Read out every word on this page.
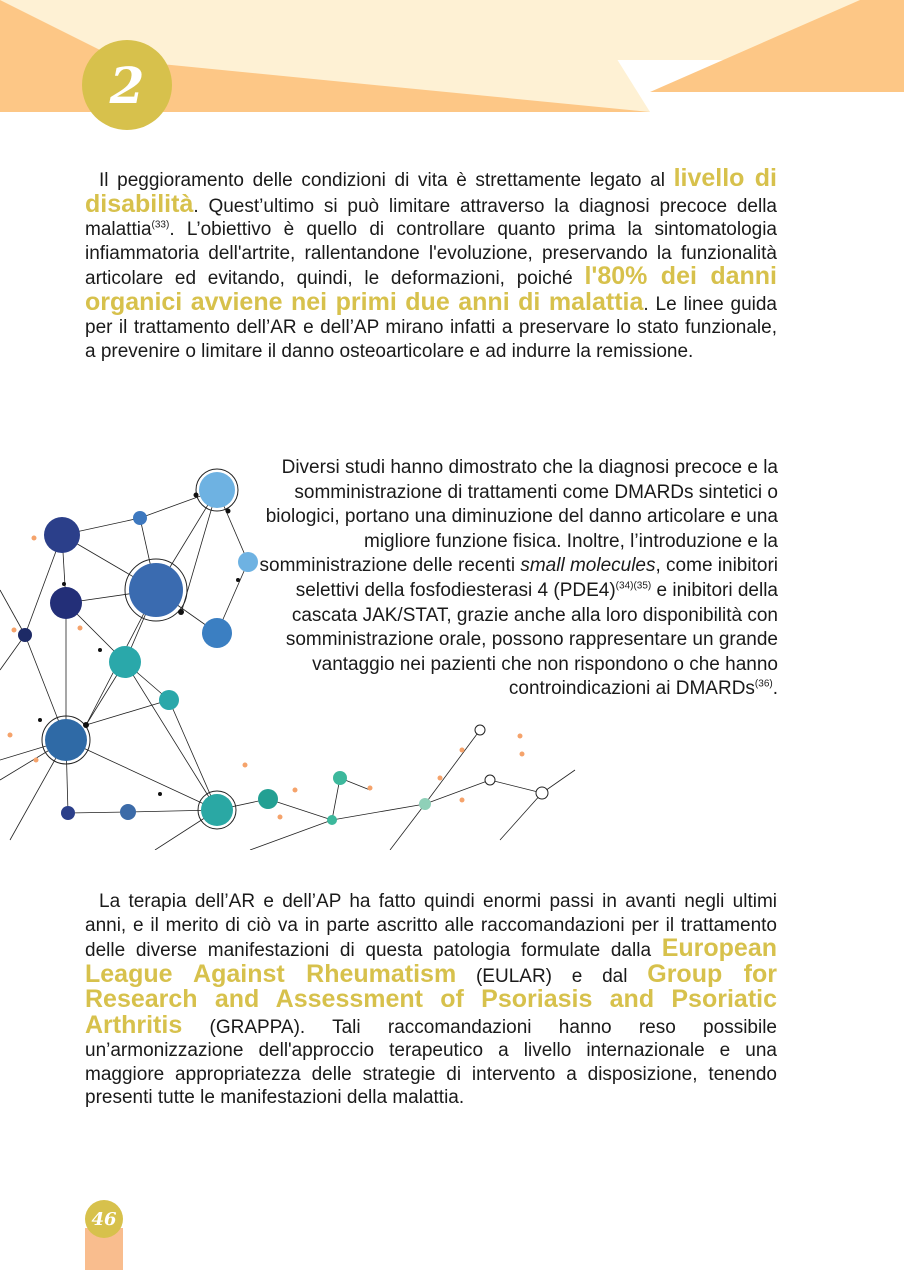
2

Il peggioramento delle condizioni di vita è strettamente legato al livello di disabilità. Quest’ultimo si può limitare attraverso la diagnosi precoce della malattia$^{(33)}$. L’obiettivo è quello di controllare quanto prima la sintomatologia infiammatoria dell'artrite, rallentandone l'evoluzione, preservando la funzionalità articolare ed evitando, quindi, le deformazioni, poiché l'80% dei danni organici avviene nei primi due anni di malattia. Le linee guida per il trattamento dell’AR e dell’AP mirano infatti a preservare lo stato funzionale, a prevenire o limitare il danno osteoarticolare e ad indurre la remissione.

Diversi studi hanno dimostrato che la diagnosi precoce e la somministrazione di trattamenti come DMARDs sintetici o biologici, portano una diminuzione del danno articolare e una migliore funzione fisica. Inoltre, l’introduzione e la somministrazione delle recenti small molecules, come inibitori selettivi della fosfodiesterasi 4 $(PDE4)^{(34)(35)}$ e inibitori della cascata JAK/STAT, grazie anche alla loro disponibilità con somministrazione orale, possono rappresentare un grande vantaggio nei pazienti che non rispondono o che hanno controindicazioni ai DMARDs$^{(36)}$.

La terapia dell’AR e dell’AP ha fatto quindi enormi passi in avanti negli ultimi anni, e il merito di ciò va in parte ascritto alle raccomandazioni per il trattamento delle diverse manifestazioni di questa patologia formulate dalla European League Against Rheumatism (EULAR) e dal Group for Research and Assessment of Psoriasis and Psoriatic Arthritis (GRAPPA). Tali raccomandazioni hanno reso possibile un’armonizzazione dell'approccio terapeutico a livello internazionale e una maggiore appropriatezza delle strategie di intervento a disposizione, tenendo presenti tutte le manifestazioni della malattia.

46
